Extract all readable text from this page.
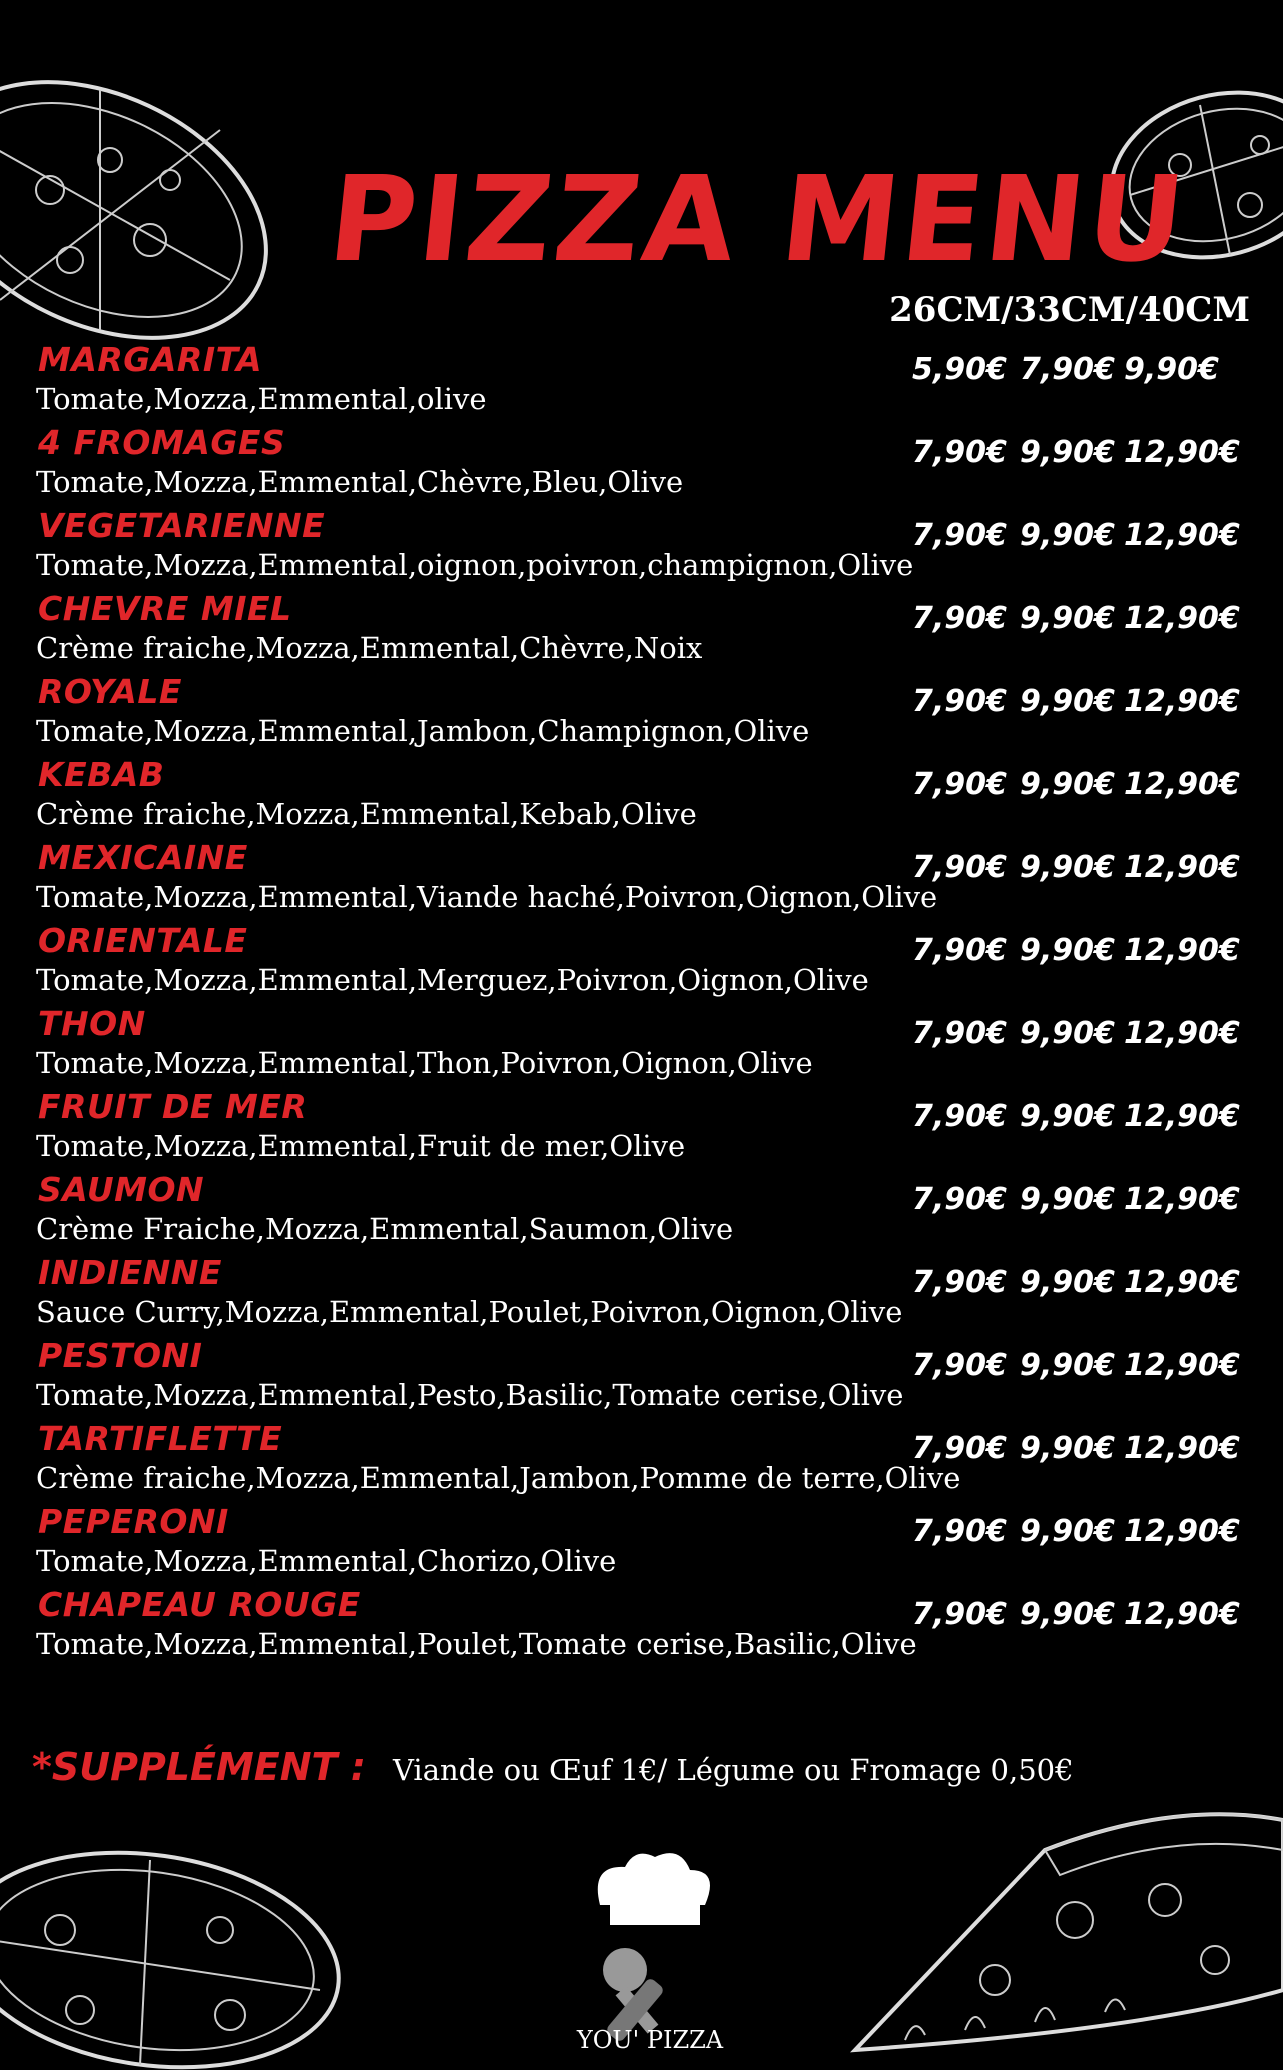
PIZZA MENU
26CM/33CM/40CM
MARGARITA
Tomate,Mozza,Emmental,olive
5,90€ 7,90€ 9,90€
4 FROMAGES
Tomate,Mozza,Emmental,Chèvre,Bleu,Olive
7,90€ 9,90€ 12,90€
VEGETARIENNE
Tomate,Mozza,Emmental,oignon,poivron,champignon,Olive
7,90€ 9,90€ 12,90€
CHEVRE MIEL
Crème fraiche,Mozza,Emmental,Chèvre,Noix
7,90€ 9,90€ 12,90€
ROYALE
Tomate,Mozza,Emmental,Jambon,Champignon,Olive
7,90€ 9,90€ 12,90€
KEBAB
Crème fraiche,Mozza,Emmental,Kebab,Olive
7,90€ 9,90€ 12,90€
MEXICAINE
Tomate,Mozza,Emmental,Viande haché,Poivron,Oignon,Olive
7,90€ 9,90€ 12,90€
ORIENTALE
Tomate,Mozza,Emmental,Merguez,Poivron,Oignon,Olive
7,90€ 9,90€ 12,90€
THON
Tomate,Mozza,Emmental,Thon,Poivron,Oignon,Olive
7,90€ 9,90€ 12,90€
FRUIT DE MER
Tomate,Mozza,Emmental,Fruit de mer,Olive
7,90€ 9,90€ 12,90€
SAUMON
Crème Fraiche,Mozza,Emmental,Saumon,Olive
7,90€ 9,90€ 12,90€
INDIENNE
Sauce Curry,Mozza,Emmental,Poulet,Poivron,Oignon,Olive
7,90€ 9,90€ 12,90€
PESTONI
Tomate,Mozza,Emmental,Pesto,Basilic,Tomate cerise,Olive
7,90€ 9,90€ 12,90€
TARTIFLETTE
Crème fraiche,Mozza,Emmental,Jambon,Pomme de terre,Olive
7,90€ 9,90€ 12,90€
PEPERONI
Tomate,Mozza,Emmental,Chorizo,Olive
7,90€ 9,90€ 12,90€
CHAPEAU ROUGE
Tomate,Mozza,Emmental,Poulet,Tomate cerise,Basilic,Olive
7,90€ 9,90€ 12,90€
*SUPPLÉMENT : Viande ou Œuf 1€/ Légume ou Fromage 0,50€
YOU' PIZZA
